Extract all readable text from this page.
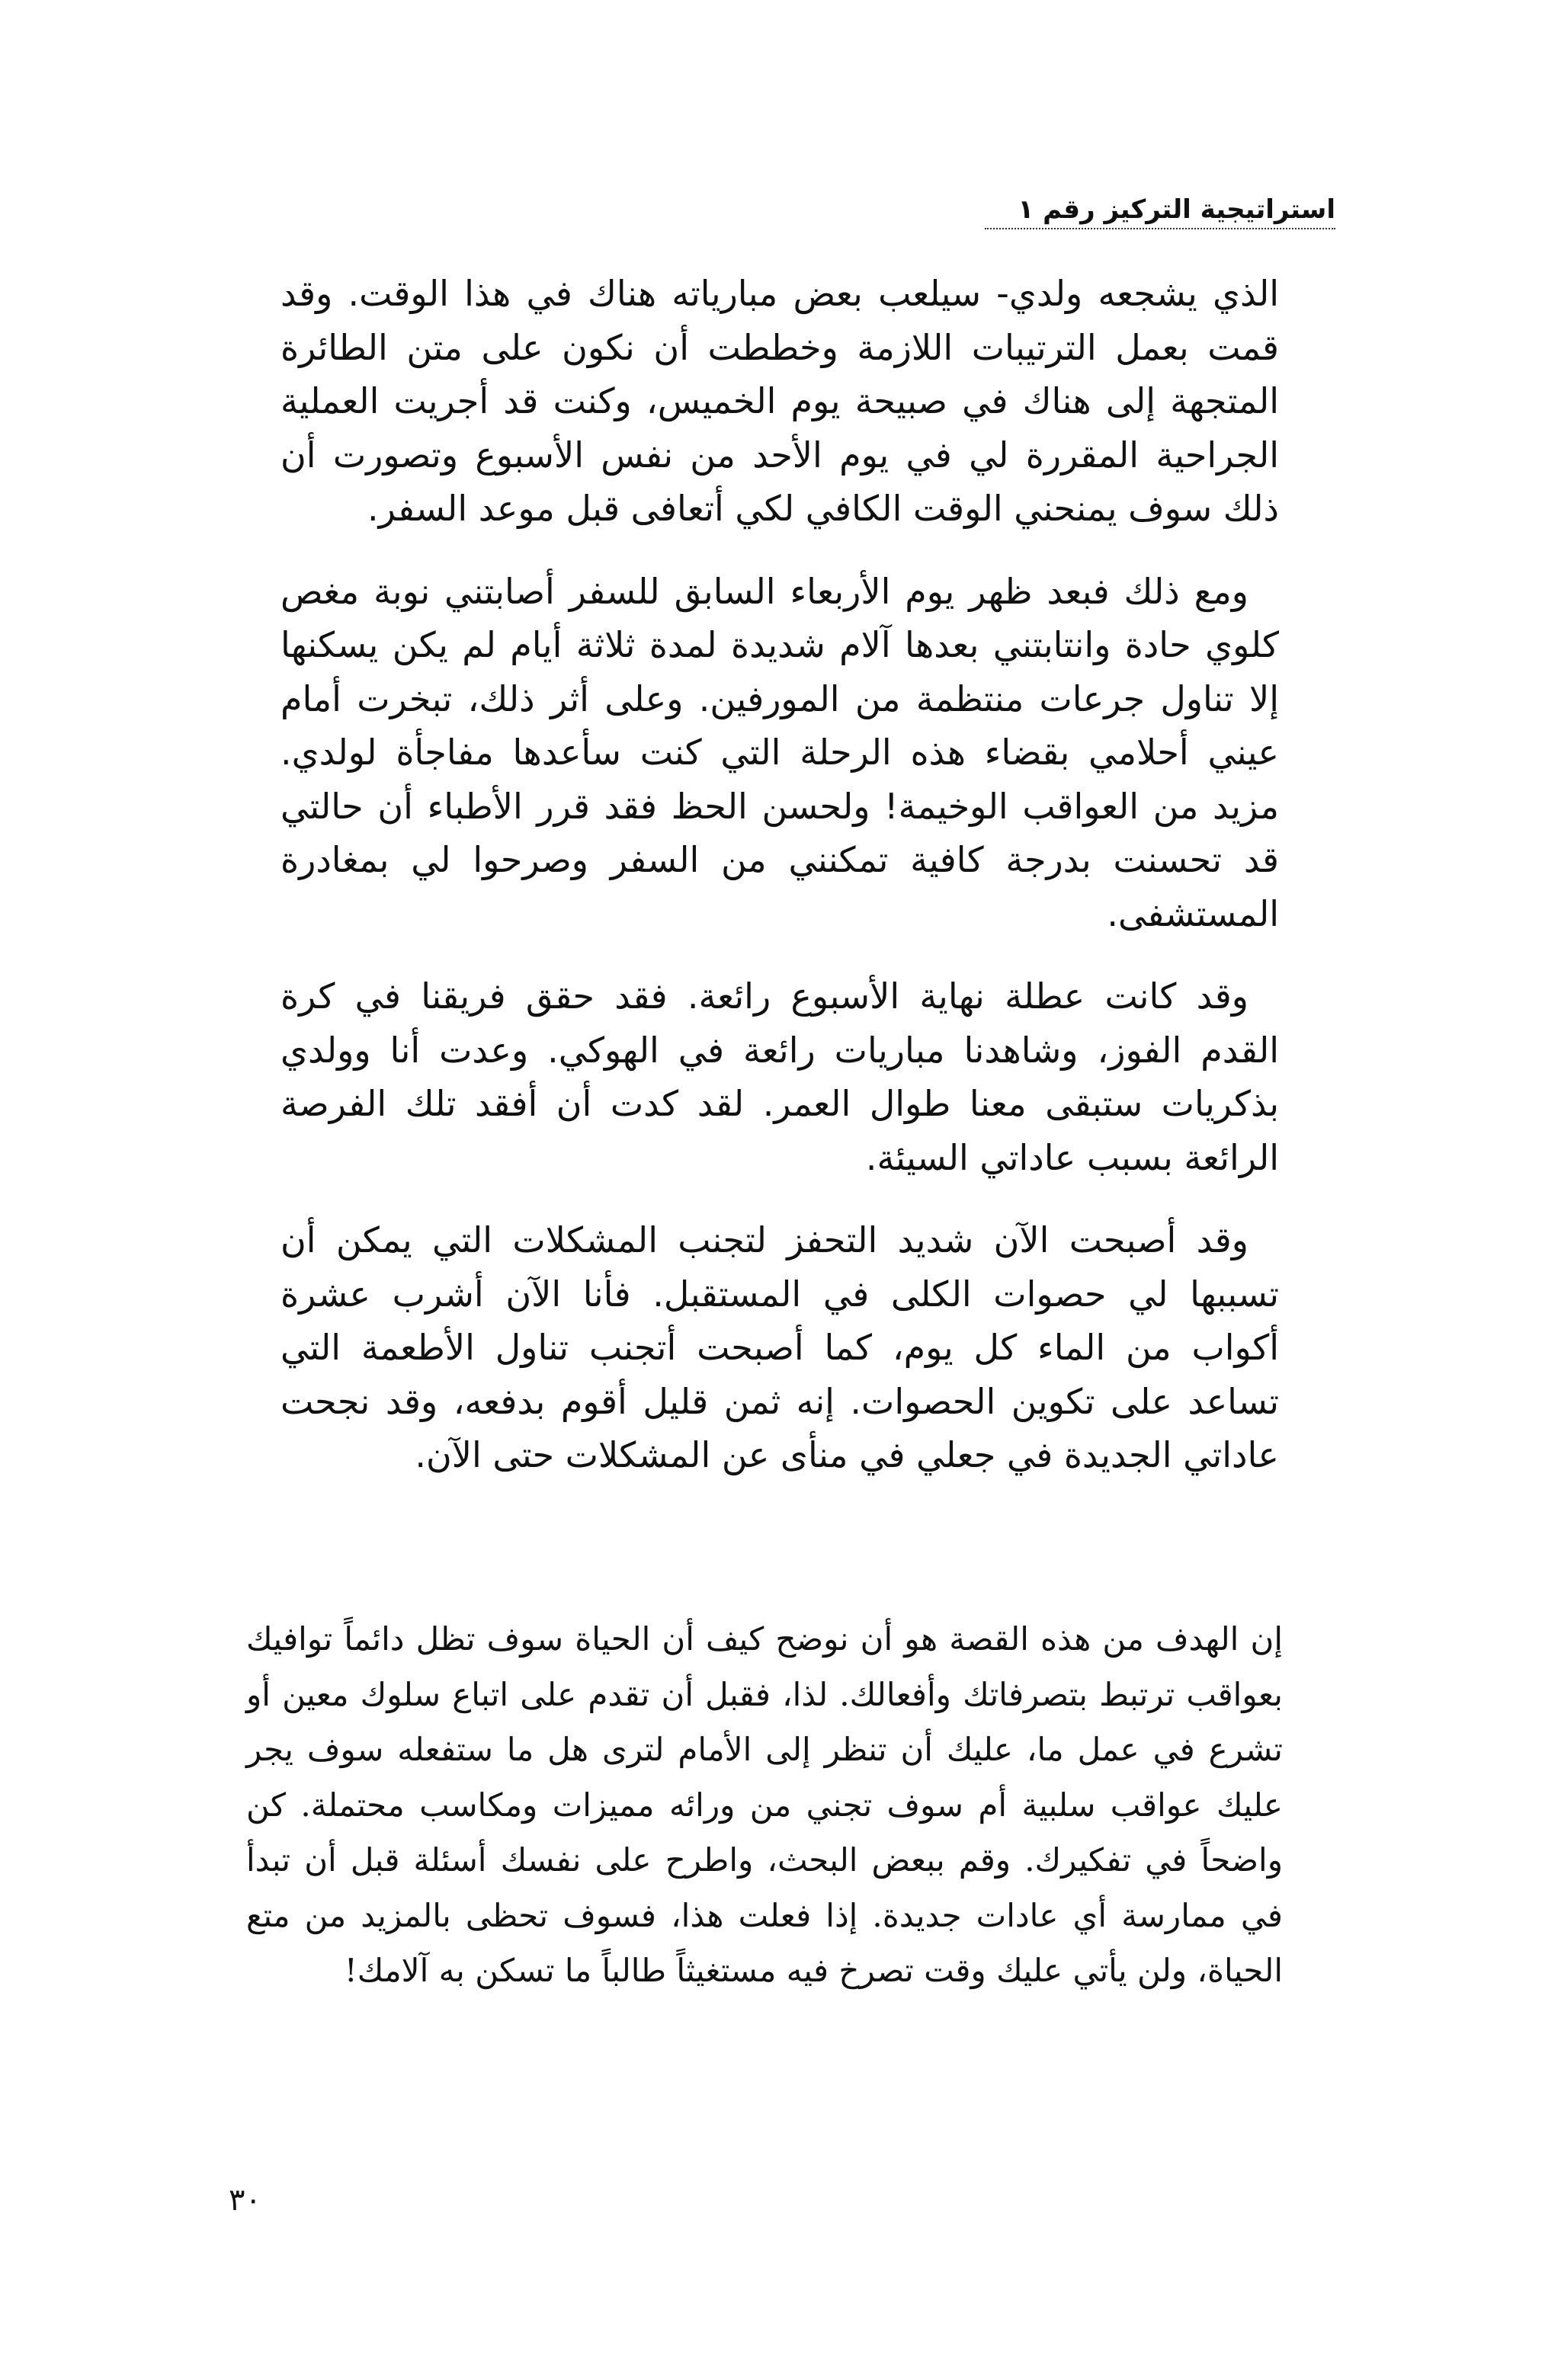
استراتيجية التركيز رقم ١

الذي يشجعه ولدي- سيلعب بعض مبارياته هناك في هذا الوقت. وقد قمت بعمل الترتيبات اللازمة وخططت أن نكون على متن الطائرة المتجهة إلى هناك في صبيحة يوم الخميس، وكنت قد أجريت العملية الجراحية المقررة لي في يوم الأحد من نفس الأسبوع وتصورت أن ذلك سوف يمنحني الوقت الكافي لكي أتعافى قبل موعد السفر.

ومع ذلك فبعد ظهر يوم الأربعاء السابق للسفر أصابتني نوبة مغص كلوي حادة وانتابتني بعدها آلام شديدة لمدة ثلاثة أيام لم يكن يسكنها إلا تناول جرعات منتظمة من المورفين. وعلى أثر ذلك، تبخرت أمام عيني أحلامي بقضاء هذه الرحلة التي كنت سأعدها مفاجأة لولدي. مزيد من العواقب الوخيمة! ولحسن الحظ فقد قرر الأطباء أن حالتي قد تحسنت بدرجة كافية تمكنني من السفر وصرحوا لي بمغادرة المستشفى.

وقد كانت عطلة نهاية الأسبوع رائعة. فقد حقق فريقنا في كرة القدم الفوز، وشاهدنا مباريات رائعة في الهوكي. وعدت أنا وولدي بذكريات ستبقى معنا طوال العمر. لقد كدت أن أفقد تلك الفرصة الرائعة بسبب عاداتي السيئة.

وقد أصبحت الآن شديد التحفز لتجنب المشكلات التي يمكن أن تسببها لي حصوات الكلى في المستقبل. فأنا الآن أشرب عشرة أكواب من الماء كل يوم، كما أصبحت أتجنب تناول الأطعمة التي تساعد على تكوين الحصوات. إنه ثمن قليل أقوم بدفعه، وقد نجحت عاداتي الجديدة في جعلي في منأى عن المشكلات حتى الآن.

إن الهدف من هذه القصة هو أن نوضح كيف أن الحياة سوف تظل دائماً توافيك بعواقب ترتبط بتصرفاتك وأفعالك. لذا، فقبل أن تقدم على اتباع سلوك معين أو تشرع في عمل ما، عليك أن تنظر إلى الأمام لترى هل ما ستفعله سوف يجر عليك عواقب سلبية أم سوف تجني من ورائه مميزات ومكاسب محتملة. كن واضحاً في تفكيرك. وقم ببعض البحث، واطرح على نفسك أسئلة قبل أن تبدأ في ممارسة أي عادات جديدة. إذا فعلت هذا، فسوف تحظى بالمزيد من متع الحياة، ولن يأتي عليك وقت تصرخ فيه مستغيثاً طالباً ما تسكن به آلامك!

٣٠
